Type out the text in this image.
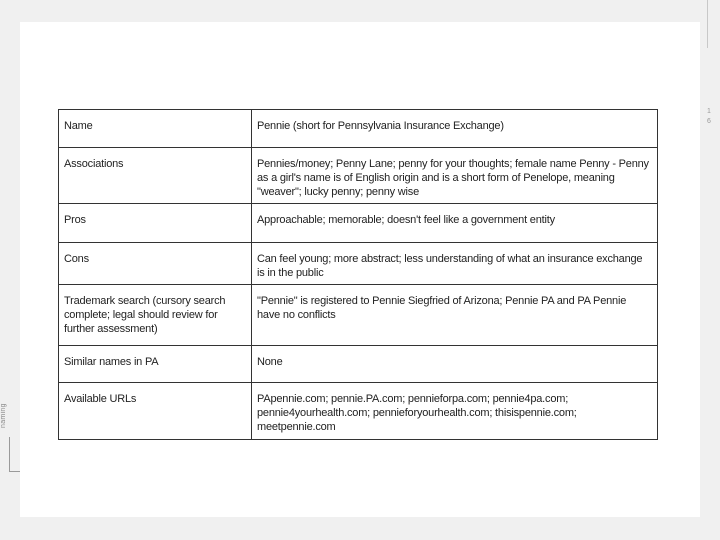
1
6
naming
Name	Pennie (short for Pennsylvania Insurance Exchange)
Associations	Pennies/money; Penny Lane; penny for your thoughts; female name Penny - Penny as a girl's name is of English origin and is a short form of Penelope, meaning "weaver"; lucky penny; penny wise
Pros	Approachable; memorable; doesn't feel like a government entity
Cons	Can feel young; more abstract; less understanding of what an insurance exchange is in the public
Trademark search (cursory search complete; legal should review for further assessment)	"Pennie" is registered to Pennie Siegfried of Arizona; Pennie PA and PA Pennie have no conflicts
Similar names in PA	None
Available URLs	PApennie.com; pennie.PA.com; pennieforpa.com; pennie4pa.com; pennie4yourhealth.com; pennieforyourhealth.com; thisispennie.com; meetpennie.com
